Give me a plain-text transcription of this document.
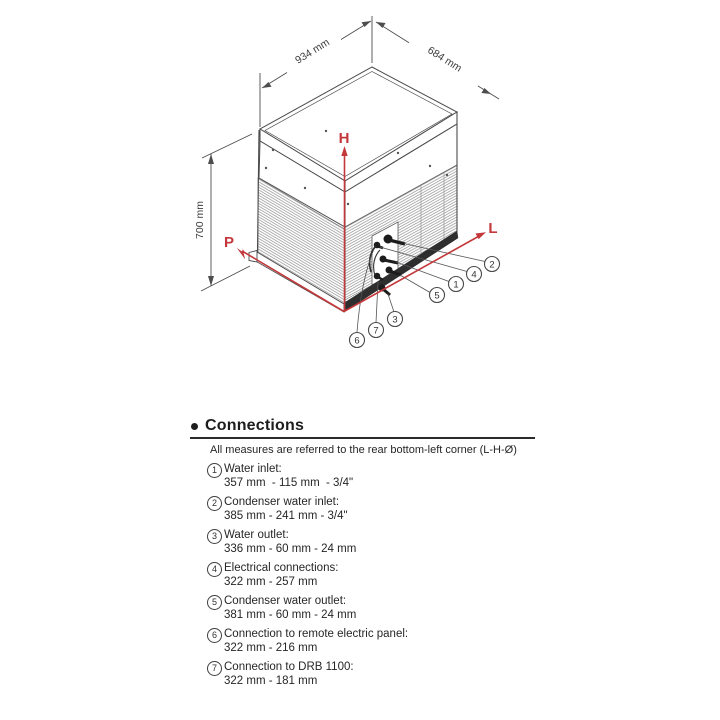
H
L
P
934 mm	684 mm
700 mm
1
2
3
4
5
6
7
Connections
All measures are referred to the rear bottom-left corner (L-H-Ø)
1 Water inlet:
357 mm  - 115 mm  - 3/4"
2 Condenser water inlet:
385 mm - 241 mm - 3/4"
3 Water outlet:
336 mm - 60 mm - 24 mm
4 Electrical connections:
322 mm - 257 mm
5 Condenser water outlet:
381 mm - 60 mm - 24 mm
6 Connection to remote electric panel:
322 mm - 216 mm
7 Connection to DRB 1100:
322 mm - 181 mm
